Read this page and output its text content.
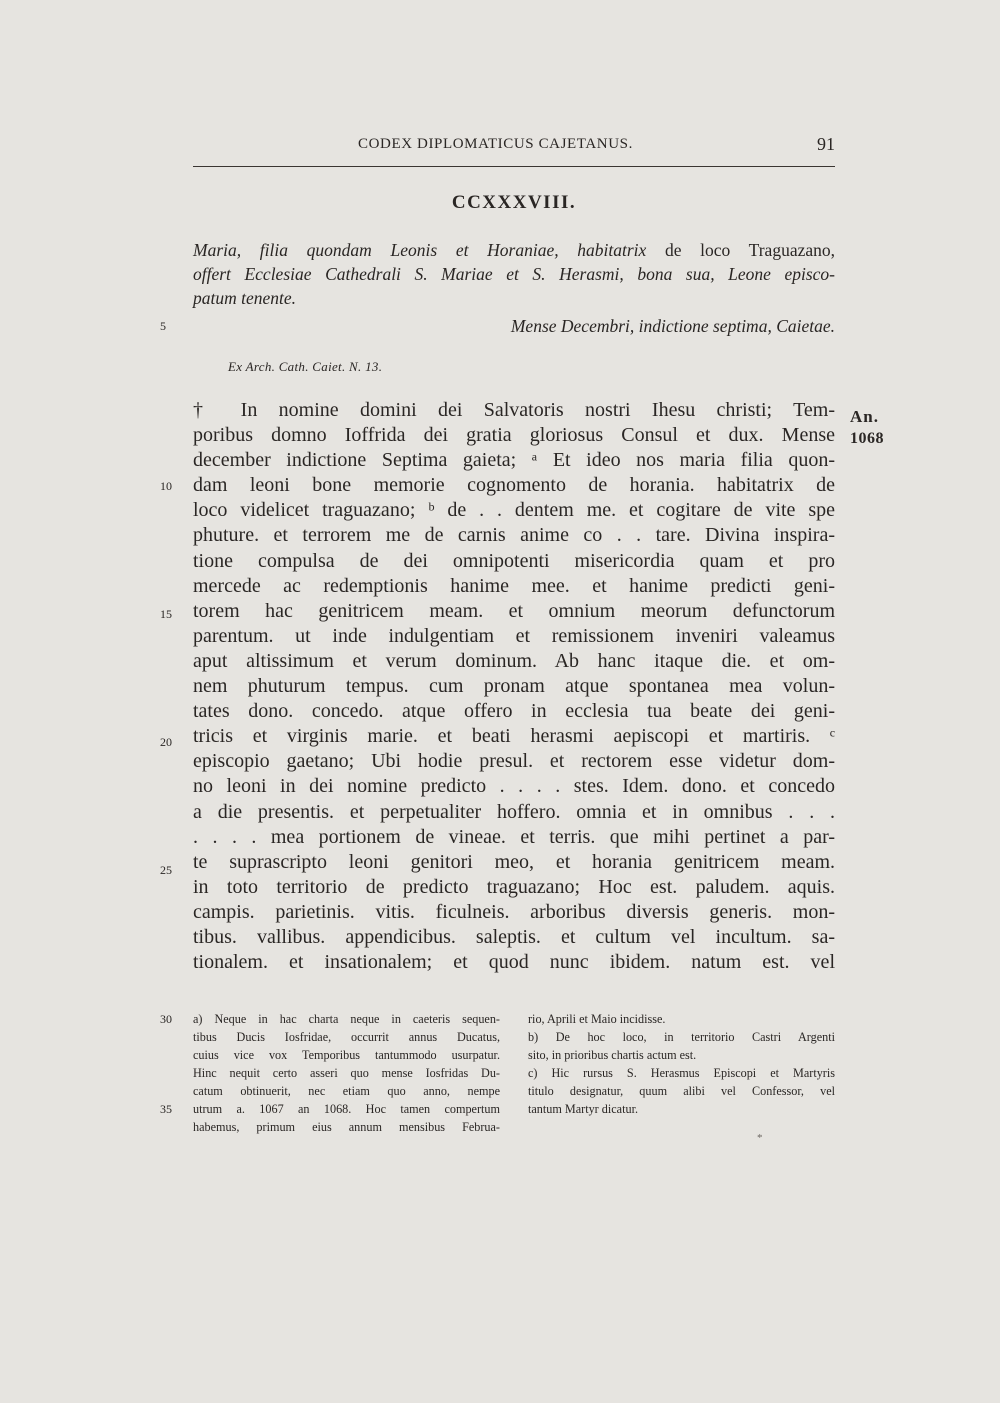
CODEX DIPLOMATICUS CAJETANUS.	91
CCXXXVIII.
Maria, filia quondam Leonis et Horaniae, habitatrix de loco Traguazano,
offert Ecclesiae Cathedrali S. Mariae et S. Herasmi, bona sua, Leone episco-
patum tenente.
Mense Decembri, indictione septima, Caietae.
Ex Arch. Cath. Caiet. N. 13.
An.
1068
5
10
15
20
25
30
35
† In nomine domini dei Salvatoris nostri Ihesu christi; Tem-
poribus domno Ioffrida dei gratia gloriosus Consul et dux. Mense
december indictione Septima gaieta; ᵃ Et ideo nos maria filia quon-
dam leoni bone memorie cognomento de horania. habitatrix de
loco videlicet traguazano; ᵇ de . . dentem me. et cogitare de vite spe
phuture. et terrorem me de carnis anime co . . tare. Divina inspira-
tione compulsa de dei omnipotenti misericordia quam et pro
mercede ac redemptionis hanime mee. et hanime predicti geni-
torem hac genitricem meam. et omnium meorum defunctorum
parentum. ut inde indulgentiam et remissionem inveniri valeamus
aput altissimum et verum dominum. Ab hanc itaque die. et om-
nem phuturum tempus. cum pronam atque spontanea mea volun-
tates dono. concedo. atque offero in ecclesia tua beate dei geni-
tricis et virginis marie. et beati herasmi aepiscopi et martiris. ᶜ
episcopio gaetano; Ubi hodie presul. et rectorem esse videtur dom-
no leoni in dei nomine predicto . . . . stes. Idem. dono. et concedo
a die presentis. et perpetualiter hoffero. omnia et in omnibus . . .
. . . . mea portionem de vineae. et terris. que mihi pertinet a par-
te suprascripto leoni genitori meo, et horania genitricem meam.
in toto territorio de predicto traguazano; Hoc est. paludem. aquis.
campis. parietinis. vitis. ficulneis. arboribus diversis generis. mon-
tibus. vallibus. appendicibus. saleptis. et cultum vel incultum. sa-
tionalem. et insationalem; et quod nunc ibidem. natum est. vel
a) Neque in hac charta neque in caeteris sequen-
tibus Ducis Iosfridae, occurrit annus Ducatus,
cuius vice vox Temporibus tantummodo usurpatur.
Hinc nequit certo asseri quo mense Iosfridas Du-
catum obtinuerit, nec etiam quo anno, nempe
utrum a. 1067 an 1068. Hoc tamen compertum
habemus, primum eius annum mensibus Februa-
rio, Aprili et Maio incidisse.
b) De hoc loco, in territorio Castri Argenti
sito, in prioribus chartis actum est.
c) Hic rursus S. Herasmus Episcopi et Martyris
titulo designatur, quum alibi vel Confessor, vel
tantum Martyr dicatur.
*
